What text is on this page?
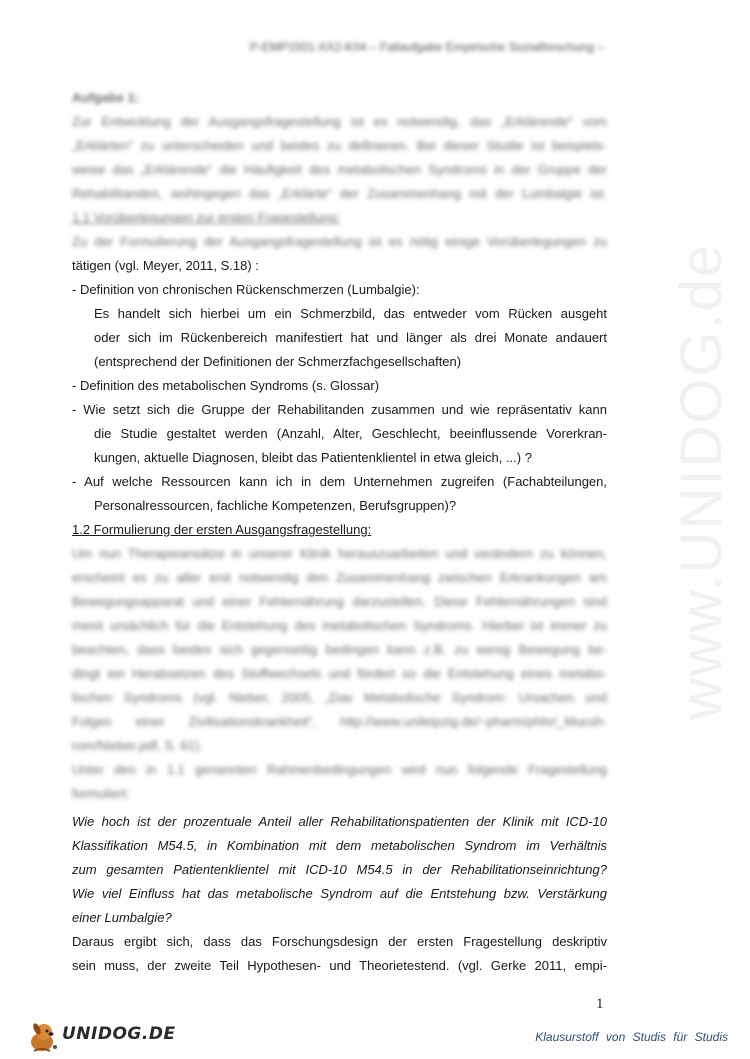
P-EMP1501-XX2-K04 – Fallaufgabe Empirische Sozialforschung –
www.UNIDOG.de
Aufgabe 1:
Zur Entwicklung der Ausgangsfragestellung ist es notwendig, das „Erklärende“ vom
„Erklärten“ zu unterscheiden und beides zu definieren. Bei dieser Studie ist beispiels-
weise das „Erklärende“ die Häufigkeit des metabolischen Syndroms in der Gruppe der
Rehabilitanden, wohingegen das „Erklärte“ der Zusammenhang mit der Lumbalgie ist.
1.1 Vorüberlegungen zur ersten Fragestellung:
Zu der Formulierung der Ausgangsfragestellung ist es nötig einige Vorüberlegungen zu
tätigen (vgl. Meyer, 2011, S.18) :
- Definition von chronischen Rückenschmerzen (Lumbalgie):
Es handelt sich hierbei um ein Schmerzbild, das entweder vom Rücken ausgeht
oder sich im Rückenbereich manifestiert hat und länger als drei Monate andauert
(entsprechend der Definitionen der Schmerzfachgesellschaften)
- Definition des metabolischen Syndroms (s. Glossar)
- Wie setzt sich die Gruppe der Rehabilitanden zusammen und wie repräsentativ kann
die Studie gestaltet werden (Anzahl, Alter, Geschlecht, beeinflussende Vorerkran-
kungen, aktuelle Diagnosen, bleibt das Patientenklientel in etwa gleich, ...) ?
- Auf welche Ressourcen kann ich in dem Unternehmen zugreifen (Fachabteilungen,
Personalressourcen, fachliche Kompetenzen, Berufsgruppen)?
1.2 Formulierung der ersten Ausgangsfragestellung:
Um nun Therapieansätze in unserer Klinik herauszuarbeiten und verändern zu können,
erscheint es zu aller erst notwendig den Zusammenhang zwischen Erkrankungen am
Bewegungsapparat und einer Fehlernährung darzustellen. Diese Fehlernährungen sind
meist ursächlich für die Entstehung des metabolischen Syndroms. Hierbei ist immer zu
beachten, dass beides sich gegenseitig bedingen kann z.B. zu wenig Bewegung be-
dingt ein Herabsetzen des Stoffwechsels und fördert so die Entstehung eines metabo-
lischen Syndroms (vgl. Nieber, 2005, „Das Metabolische Syndrom: Ursachen und
Folgen einer Zivilisationskrankheit“, http://www.unileipzig.de/~pharm/phhr/_Mucsh-
rom/Nieber.pdf, S. 61).
Unter den in 1.1 genannten Rahmenbedingungen wird nun folgende Fragestellung
formuliert:
Wie hoch ist der prozentuale Anteil aller Rehabilitationspatienten der Klinik mit ICD-10
Klassifikation M54.5, in Kombination mit dem metabolischen Syndrom im Verhältnis
zum gesamten Patientenklientel mit ICD-10 M54.5 in der Rehabilitationseinrichtung?
Wie viel Einfluss hat das metabolische Syndrom auf die Entstehung bzw. Verstärkung
einer Lumbalgie?
Daraus ergibt sich, dass das Forschungsdesign der ersten Fragestellung deskriptiv
sein muss, der zweite Teil Hypothesen- und Theorietestend. (vgl. Gerke 2011, empi-
1
UNIDOG.DE	Klausurstoff von Studis für Studis
